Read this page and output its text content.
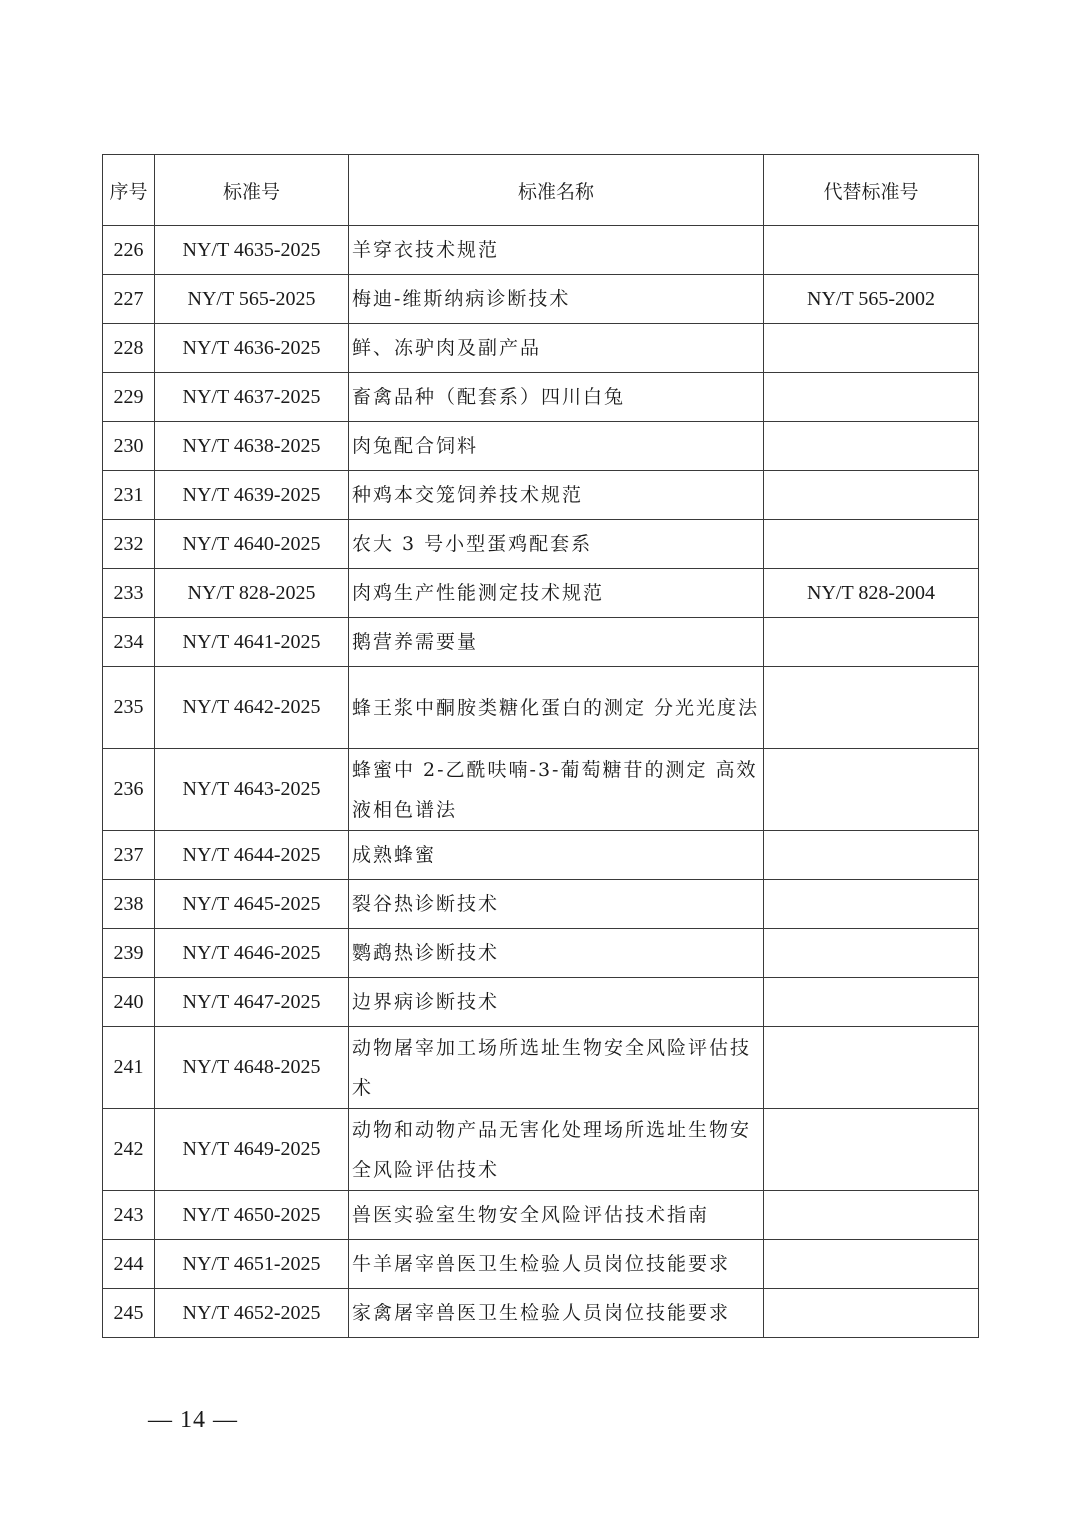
序号	标准号	标准名称	代替标准号
226	NY/T 4635-2025	羊穿衣技术规范	
227	NY/T 565-2025	梅迪-维斯纳病诊断技术	NY/T 565-2002
228	NY/T 4636-2025	鲜、冻驴肉及副产品	
229	NY/T 4637-2025	畜禽品种（配套系）四川白兔	
230	NY/T 4638-2025	肉兔配合饲料	
231	NY/T 4639-2025	种鸡本交笼饲养技术规范	
232	NY/T 4640-2025	农大 3 号小型蛋鸡配套系	
233	NY/T 828-2025	肉鸡生产性能测定技术规范	NY/T 828-2004
234	NY/T 4641-2025	鹅营养需要量	
235	NY/T 4642-2025	蜂王浆中酮胺类糖化蛋白的测定 分光光度法	
236	NY/T 4643-2025	蜂蜜中 2-乙酰呋喃-3-葡萄糖苷的测定 高效液相色谱法	
237	NY/T 4644-2025	成熟蜂蜜	
238	NY/T 4645-2025	裂谷热诊断技术	
239	NY/T 4646-2025	鹦鹉热诊断技术	
240	NY/T 4647-2025	边界病诊断技术	
241	NY/T 4648-2025	动物屠宰加工场所选址生物安全风险评估技术	
242	NY/T 4649-2025	动物和动物产品无害化处理场所选址生物安全风险评估技术	
243	NY/T 4650-2025	兽医实验室生物安全风险评估技术指南	
244	NY/T 4651-2025	牛羊屠宰兽医卫生检验人员岗位技能要求	
245	NY/T 4652-2025	家禽屠宰兽医卫生检验人员岗位技能要求	
— 14 —
